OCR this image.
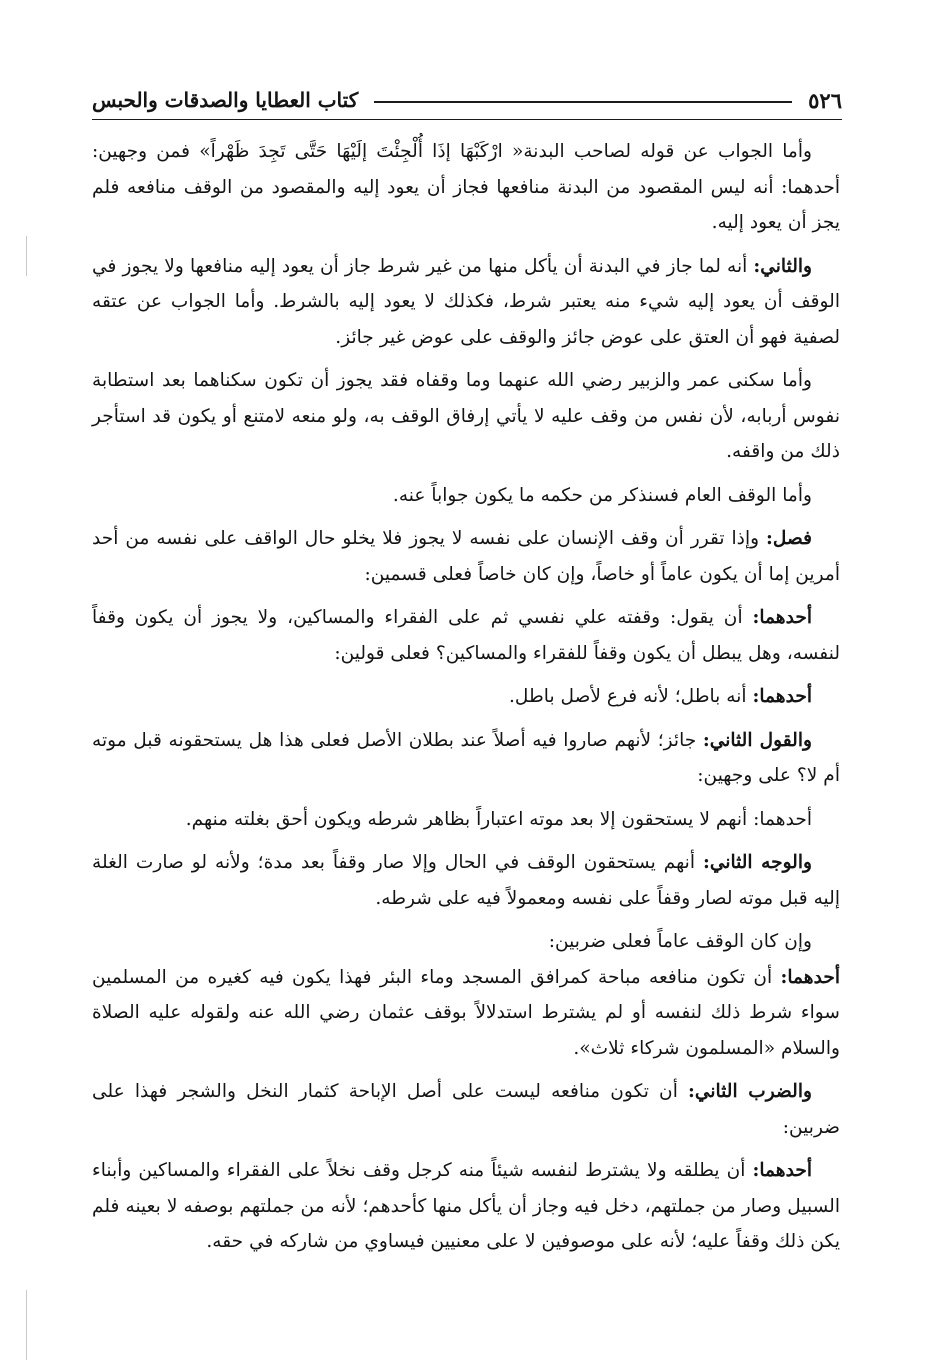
٥٢٦
كتاب العطايا والصدقات والحبس

وأما الجواب عن قوله لصاحب البدنة« ارْكَبْهَا إذَا أُلْجِئْتَ إلَيْهَا حَتَّى تَجِدَ ظَهْراً» فمن وجهين: أحدهما: أنه ليس المقصود من البدنة منافعها فجاز أن يعود إليه والمقصود من الوقف منافعه فلم يجز أن يعود إليه.

والثاني: أنه لما جاز في البدنة أن يأكل منها من غير شرط جاز أن يعود إليه منافعها ولا يجوز في الوقف أن يعود إليه شيء منه يعتبر شرط، فكذلك لا يعود إليه بالشرط. وأما الجواب عن عتقه لصفية فهو أن العتق على عوض جائز والوقف على عوض غير جائز.

وأما سكنى عمر والزبير رضي الله عنهما وما وقفاه فقد يجوز أن تكون سكناهما بعد استطابة نفوس أربابه، لأن نفس من وقف عليه لا يأتي إرفاق الوقف به، ولو منعه لامتنع أو يكون قد استأجر ذلك من واقفه.

وأما الوقف العام فسنذكر من حكمه ما يكون جواباً عنه.

فصل: وإذا تقرر أن وقف الإنسان على نفسه لا يجوز فلا يخلو حال الواقف على نفسه من أحد أمرين إما أن يكون عاماً أو خاصاً، وإن كان خاصاً فعلى قسمين:

أحدهما: أن يقول: وقفته علي نفسي ثم على الفقراء والمساكين، ولا يجوز أن يكون وقفاً لنفسه، وهل يبطل أن يكون وقفاً للفقراء والمساكين؟ فعلى قولين:

أحدهما: أنه باطل؛ لأنه فرع لأصل باطل.

والقول الثاني: جائز؛ لأنهم صاروا فيه أصلاً عند بطلان الأصل فعلى هذا هل يستحقونه قبل موته أم لا؟ على وجهين:

أحدهما: أنهم لا يستحقون إلا بعد موته اعتباراً بظاهر شرطه ويكون أحق بغلته منهم.

والوجه الثاني: أنهم يستحقون الوقف في الحال وإلا صار وقفاً بعد مدة؛ ولأنه لو صارت الغلة إليه قبل موته لصار وقفاً على نفسه ومعمولاً فيه على شرطه.

وإن كان الوقف عاماً فعلى ضربين:

أحدهما: أن تكون منافعه مباحة كمرافق المسجد وماء البئر فهذا يكون فيه كغيره من المسلمين سواء شرط ذلك لنفسه أو لم يشترط استدلالاً بوقف عثمان رضي الله عنه ولقوله عليه الصلاة والسلام «المسلمون شركاء ثلاث».

والضرب الثاني: أن تكون منافعه ليست على أصل الإباحة كثمار النخل والشجر فهذا على ضربين:

أحدهما: أن يطلقه ولا يشترط لنفسه شيئاً منه كرجل وقف نخلاً على الفقراء والمساكين وأبناء السبيل وصار من جملتهم، دخل فيه وجاز أن يأكل منها كأحدهم؛ لأنه من جملتهم بوصفه لا بعينه فلم يكن ذلك وقفاً عليه؛ لأنه على موصوفين لا على معنيين فيساوي من شاركه في حقه.
